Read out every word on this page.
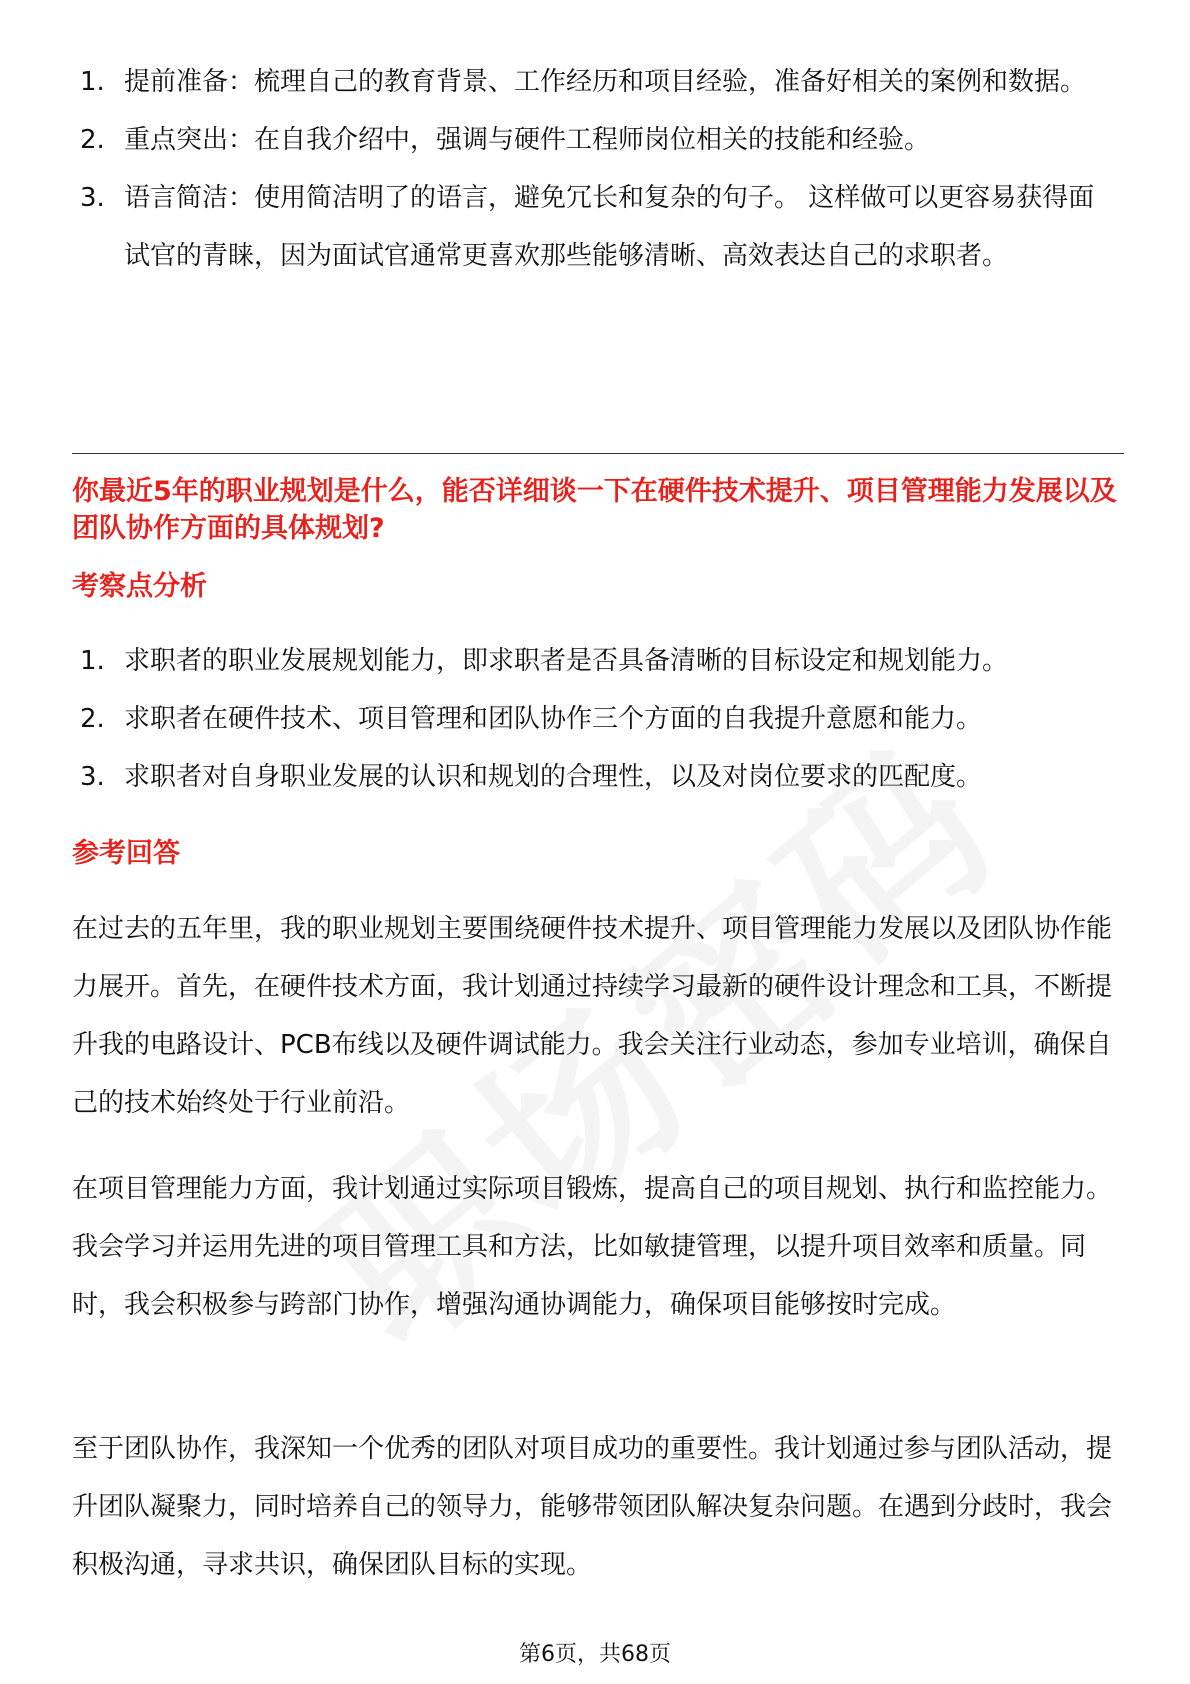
1. 提前准备：梳理自己的教育背景、工作经历和项目经验，准备好相关的案例和数据。
2. 重点突出：在自我介绍中，强调与硬件工程师岗位相关的技能和经验。
3. 语言简洁：使用简洁明了的语言，避免冗长和复杂的句子。 这样做可以更容易获得面试官的青睐，因为面试官通常更喜欢那些能够清晰、高效表达自己的求职者。
你最近5年的职业规划是什么，能否详细谈一下在硬件技术提升、项目管理能力发展以及团队协作方面的具体规划?
考察点分析
1. 求职者的职业发展规划能力，即求职者是否具备清晰的目标设定和规划能力。
2. 求职者在硬件技术、项目管理和团队协作三个方面的自我提升意愿和能力。
3. 求职者对自身职业发展的认识和规划的合理性，以及对岗位要求的匹配度。
参考回答

在过去的五年里，我的职业规划主要围绕硬件技术提升、项目管理能力发展以及团队协作能力展开。首先，在硬件技术方面，我计划通过持续学习最新的硬件设计理念和工具，不断提升我的电路设计、PCB布线以及硬件调试能力。我会关注行业动态，参加专业培训，确保自己的技术始终处于行业前沿。

在项目管理能力方面，我计划通过实际项目锻炼，提高自己的项目规划、执行和监控能力。我会学习并运用先进的项目管理工具和方法，比如敏捷管理，以提升项目效率和质量。同时，我会积极参与跨部门协作，增强沟通协调能力，确保项目能够按时完成。

至于团队协作，我深知一个优秀的团队对项目成功的重要性。我计划通过参与团队活动，提升团队凝聚力，同时培养自己的领导力，能够带领团队解决复杂问题。在遇到分歧时，我会积极沟通，寻求共识，确保团队目标的实现。

第6页，共68页
